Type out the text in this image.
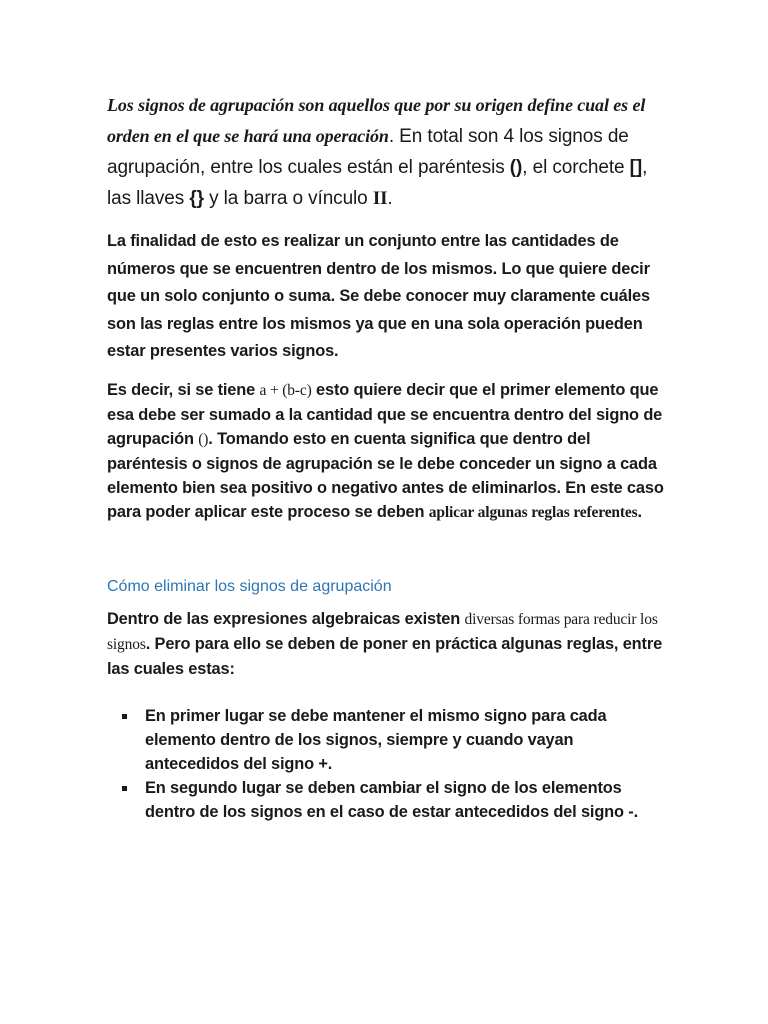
Los signos de agrupación son aquellos que por su origen define cual es el orden en el que se hará una operación. En total son 4 los signos de agrupación, entre los cuales están el paréntesis (), el corchete [], las llaves {} y la barra o vínculo II.

La finalidad de esto es realizar un conjunto entre las cantidades de números que se encuentren dentro de los mismos. Lo que quiere decir que un solo conjunto o suma. Se debe conocer muy claramente cuáles son las reglas entre los mismos ya que en una sola operación pueden estar presentes varios signos.

Es decir, si se tiene a + (b-c) esto quiere decir que el primer elemento que esa debe ser sumado a la cantidad que se encuentra dentro del signo de agrupación (). Tomando esto en cuenta significa que dentro del paréntesis o signos de agrupación se le debe conceder un signo a cada elemento bien sea positivo o negativo antes de eliminarlos. En este caso para poder aplicar este proceso se deben aplicar algunas reglas referentes.

Cómo eliminar los signos de agrupación

Dentro de las expresiones algebraicas existen diversas formas para reducir los signos. Pero para ello se deben de poner en práctica algunas reglas, entre las cuales estas:

En primer lugar se debe mantener el mismo signo para cada elemento dentro de los signos, siempre y cuando vayan antecedidos del signo +.
En segundo lugar se deben cambiar el signo de los elementos dentro de los signos en el caso de estar antecedidos del signo -.
